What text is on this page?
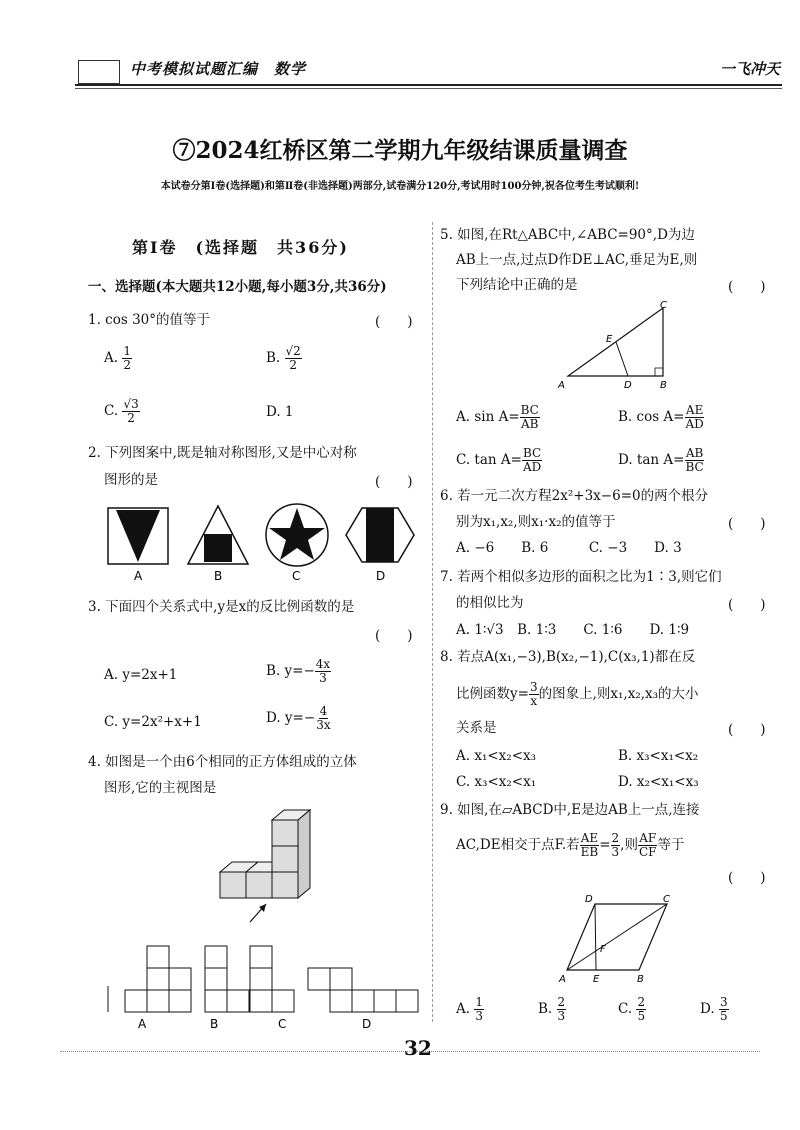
中考模拟试题汇编　数学	一飞冲天
⑦2024红桥区第二学期九年级结课质量调查
本试卷分第Ⅰ卷(选择题)和第Ⅱ卷(非选择题)两部分,试卷满分120分,考试用时100分钟,祝各位考生考试顺利!
第Ⅰ卷　(选择题　共36分)
一、选择题(本大题共12小题,每小题3分,共36分)
1. cos 30°的值等于	(　　)
A. $\frac{1}{2}$	B. $\frac{√2}{2}$
C. $\frac{√3}{2}$	D. 1
2. 下列图案中,既是轴对称图形,又是中心对称
图形的是	(　　)
A	B	C	D
3. 下面四个关系式中,y是x的反比例函数的是
(　　)
A. y=2x+1	B. $y=- \frac{4x}{3}$
C. y=2x²+x+1	D. $y=- \frac{4}{3x}$
4. 如图是一个由6个相同的正方体组成的立体
图形,它的主视图是
A	B	C	D
5. 如图,在Rt△ABC中,∠ABC=90°,D为边
AB上一点,过点D作DE⊥AC,垂足为E,则
下列结论中正确的是	(　　)
A	B
C
D
E
A. $\sin A= \frac{BC}{AB}$	B. $\cos A= \frac{AE}{AD}$
C. $\tan A= \frac{BC}{AD}$	D. $\tan A= \frac{AB}{BC}$
6. 若一元二次方程2x²+3x−6=0的两个根分
别为x₁,x₂,则x₁·x₂的值等于	(　　)
A. −6　　B. 6　　　C. −3　　D. 3
7. 若两个相似多边形的面积之比为1∶3,则它们
的相似比为	(　　)
A. 1∶√3　B. 1∶3　　C. 1∶6　　D. 1∶9
8. 若点A(x₁,−3),B(x₂,−1),C(x₃,1)都在反
比例函数$y= \frac{3}{x}$ 的图象上,则x₁,x₂,x₃的大小
关系是	(　　)
A. x₁<x₂<x₃	B. x₃<x₁<x₂
C. x₃<x₂<x₁	D. x₂<x₁<x₃
9. 如图,在▱ABCD中,E是边AB上一点,连接
AC,DE相交于点F.若 $\frac{AE}{EB} = \frac{2}{3}$ ,则 $\frac{AF}{CF}$ 等于
(　　)
A	B
C
D
E
F
A. $\frac{1}{3}$	B. $\frac{2}{3}$	C. $\frac{2}{5}$	D. $\frac{3}{5}$
32
